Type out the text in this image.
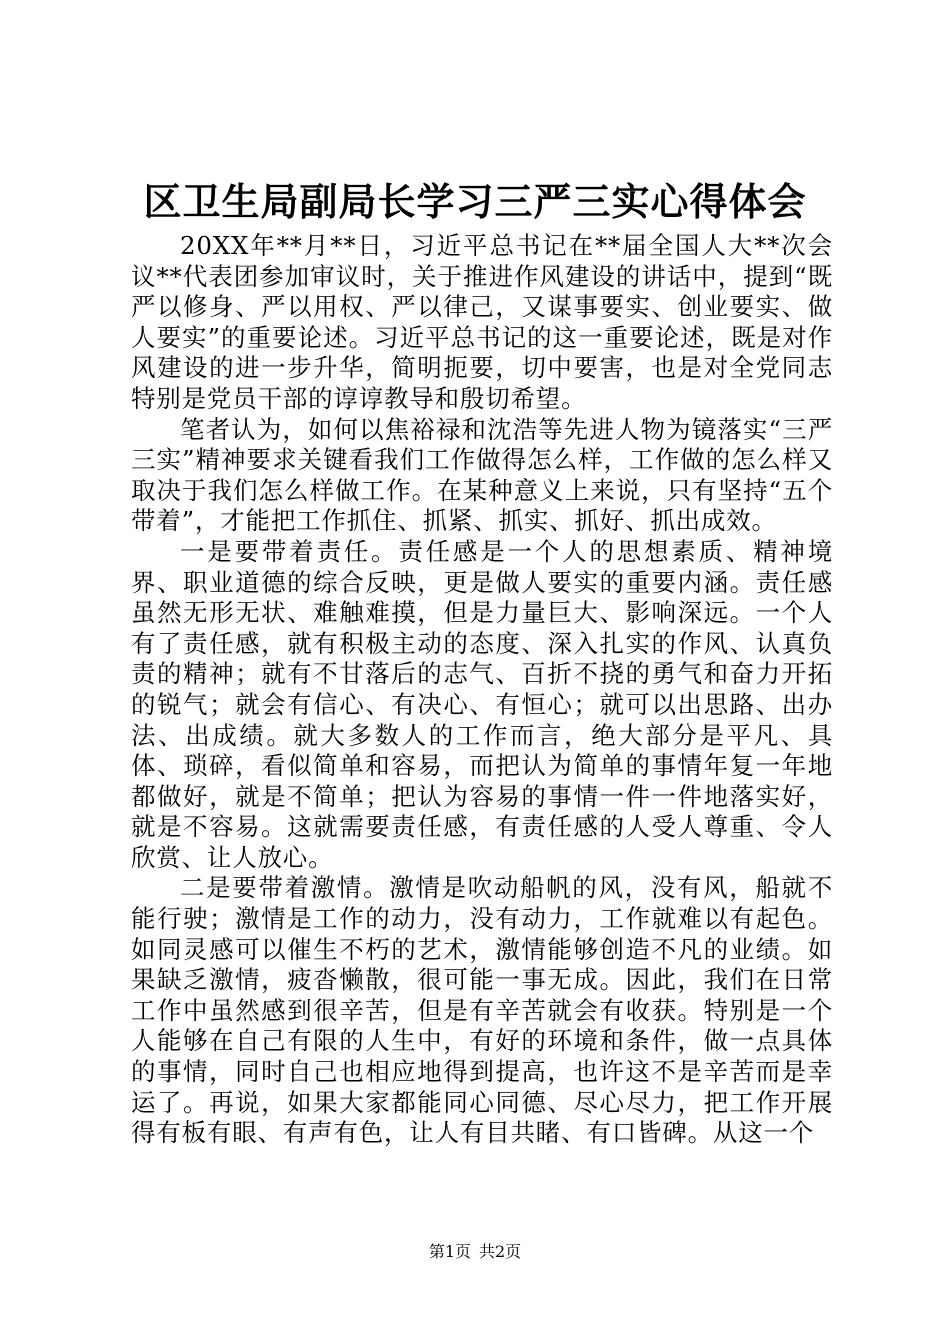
区卫生局副局长学习三严三实心得体会

20XX年**月**日，习近平总书记在**届全国人大**次会议**代表团参加审议时，关于推进作风建设的讲话中，提到“既严以修身、严以用权、严以律己，又谋事要实、创业要实、做人要实”的重要论述。习近平总书记的这一重要论述，既是对作风建设的进一步升华，简明扼要，切中要害，也是对全党同志特别是党员干部的谆谆教导和殷切希望。

笔者认为，如何以焦裕禄和沈浩等先进人物为镜落实“三严三实”精神要求关键看我们工作做得怎么样，工作做的怎么样又取决于我们怎么样做工作。在某种意义上来说，只有坚持“五个带着”，才能把工作抓住、抓紧、抓实、抓好、抓出成效。

一是要带着责任。责任感是一个人的思想素质、精神境界、职业道德的综合反映，更是做人要实的重要内涵。责任感虽然无形无状、难触难摸，但是力量巨大、影响深远。一个人有了责任感，就有积极主动的态度、深入扎实的作风、认真负责的精神；就有不甘落后的志气、百折不挠的勇气和奋力开拓的锐气；就会有信心、有决心、有恒心；就可以出思路、出办法、出成绩。就大多数人的工作而言，绝大部分是平凡、具体、琐碎，看似简单和容易，而把认为简单的事情年复一年地都做好，就是不简单；把认为容易的事情一件一件地落实好，就是不容易。这就需要责任感，有责任感的人受人尊重、令人欣赏、让人放心。

二是要带着激情。激情是吹动船帆的风，没有风，船就不能行驶；激情是工作的动力，没有动力，工作就难以有起色。如同灵感可以催生不朽的艺术，激情能够创造不凡的业绩。如果缺乏激情，疲沓懒散，很可能一事无成。因此，我们在日常工作中虽然感到很辛苦，但是有辛苦就会有收获。特别是一个人能够在自己有限的人生中，有好的环境和条件，做一点具体的事情，同时自己也相应地得到提高，也许这不是辛苦而是幸运了。再说，如果大家都能同心同德、尽心尽力，把工作开展得有板有眼、有声有色，让人有目共睹、有口皆碑。从这一个

第1页 共2页
